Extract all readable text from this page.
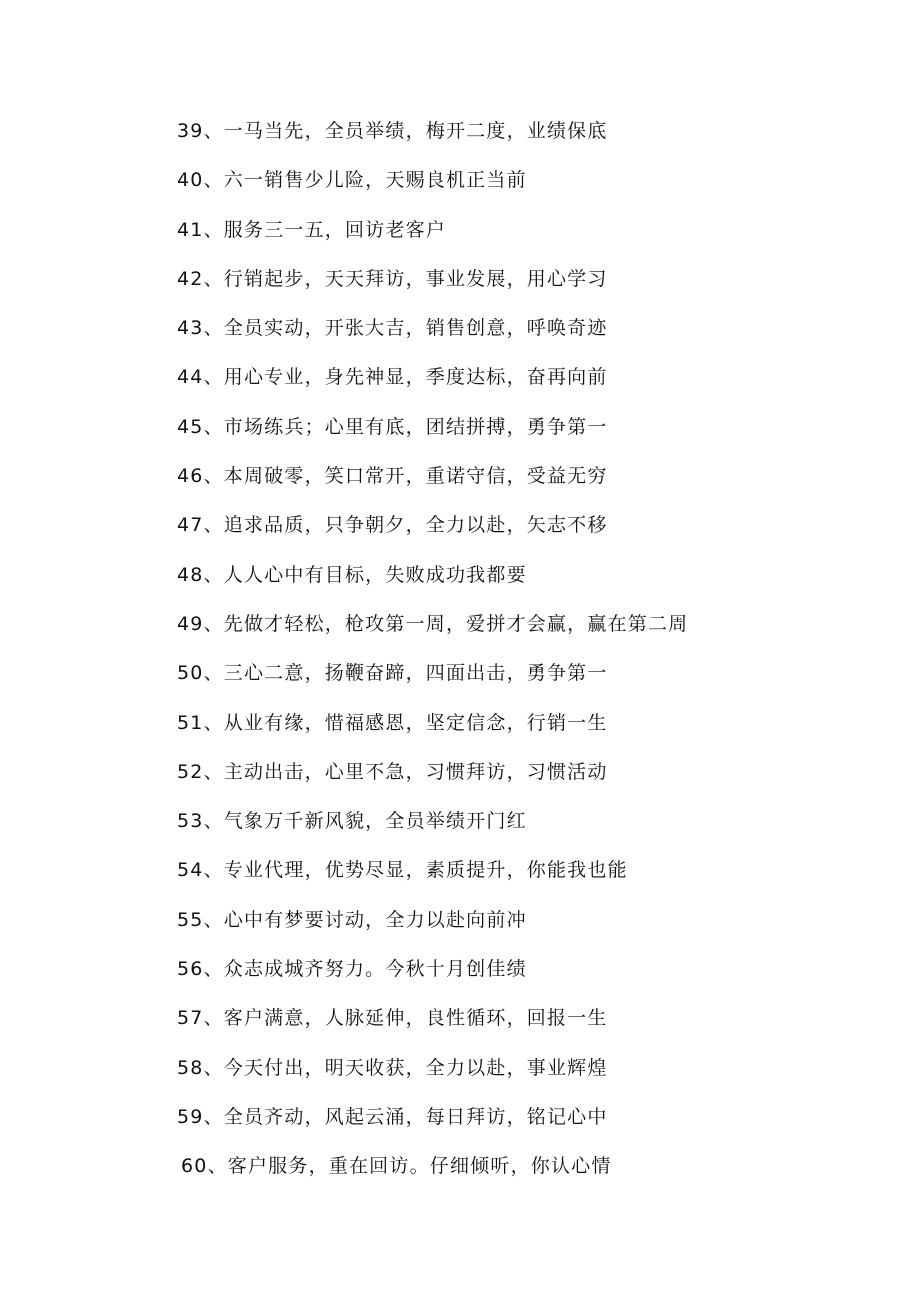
39、一马当先，全员举绩，梅开二度，业绩保底
40、六一销售少儿险，天赐良机正当前
41、服务三一五，回访老客户
42、行销起步，天天拜访，事业发展，用心学习
43、全员实动，开张大吉，销售创意，呼唤奇迹
44、用心专业，身先神显，季度达标，奋再向前
45、市场练兵；心里有底，团结拼搏，勇争第一
46、本周破零，笑口常开，重诺守信，受益无穷
47、追求品质，只争朝夕，全力以赴，矢志不移
48、人人心中有目标，失败成功我都要
49、先做才轻松，枪攻第一周，爱拼才会赢，赢在第二周
50、三心二意，扬鞭奋蹄，四面出击，勇争第一
51、从业有缘，惜福感恩，坚定信念，行销一生
52、主动出击，心里不急，习惯拜访，习惯活动
53、气象万千新风貌，全员举绩开门红
54、专业代理，优势尽显，素质提升，你能我也能
55、心中有梦要讨动，全力以赴向前冲
56、众志成城齐努力。今秋十月创佳绩
57、客户满意，人脉延伸，良性循环，回报一生
58、今天付出，明天收获，全力以赴，事业辉煌
59、全员齐动，风起云涌，每日拜访，铭记心中
60、客户服务，重在回访。仔细倾听，你认心情
